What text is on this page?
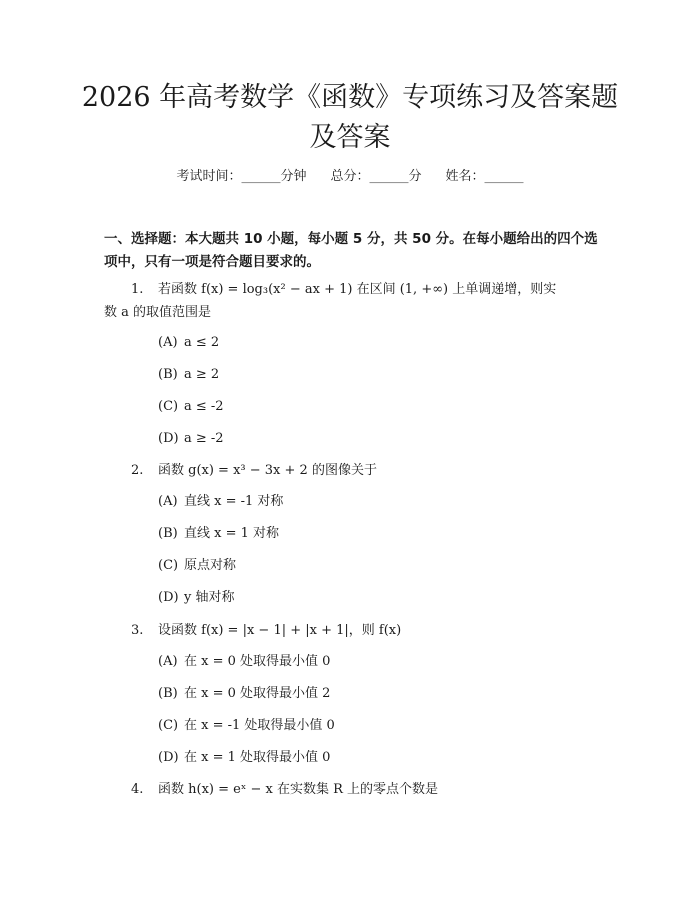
2026 年高考数学《函数》专项练习及答案题
及答案
考试时间：______分钟 总分：______分 姓名：______
一、选择题：本大题共 10 小题，每小题 5 分，共 50 分。在每小题给出的四个选
项中，只有一项是符合题目要求的。
1. 若函数 f(x) = log₃(x² − ax + 1) 在区间 (1, +∞) 上单调递增，则实
数 a 的取值范围是
(A) a ≤ 2
(B) a ≥ 2
(C) a ≤ -2
(D) a ≥ -2
2. 函数 g(x) = x³ − 3x + 2 的图像关于
(A) 直线 x = -1 对称
(B) 直线 x = 1 对称
(C) 原点对称
(D) y 轴对称
3. 设函数 f(x) = |x − 1| + |x + 1|，则 f(x)
(A) 在 x = 0 处取得最小值 0
(B) 在 x = 0 处取得最小值 2
(C) 在 x = -1 处取得最小值 0
(D) 在 x = 1 处取得最小值 0
4. 函数 h(x) = eˣ − x 在实数集 R 上的零点个数是
